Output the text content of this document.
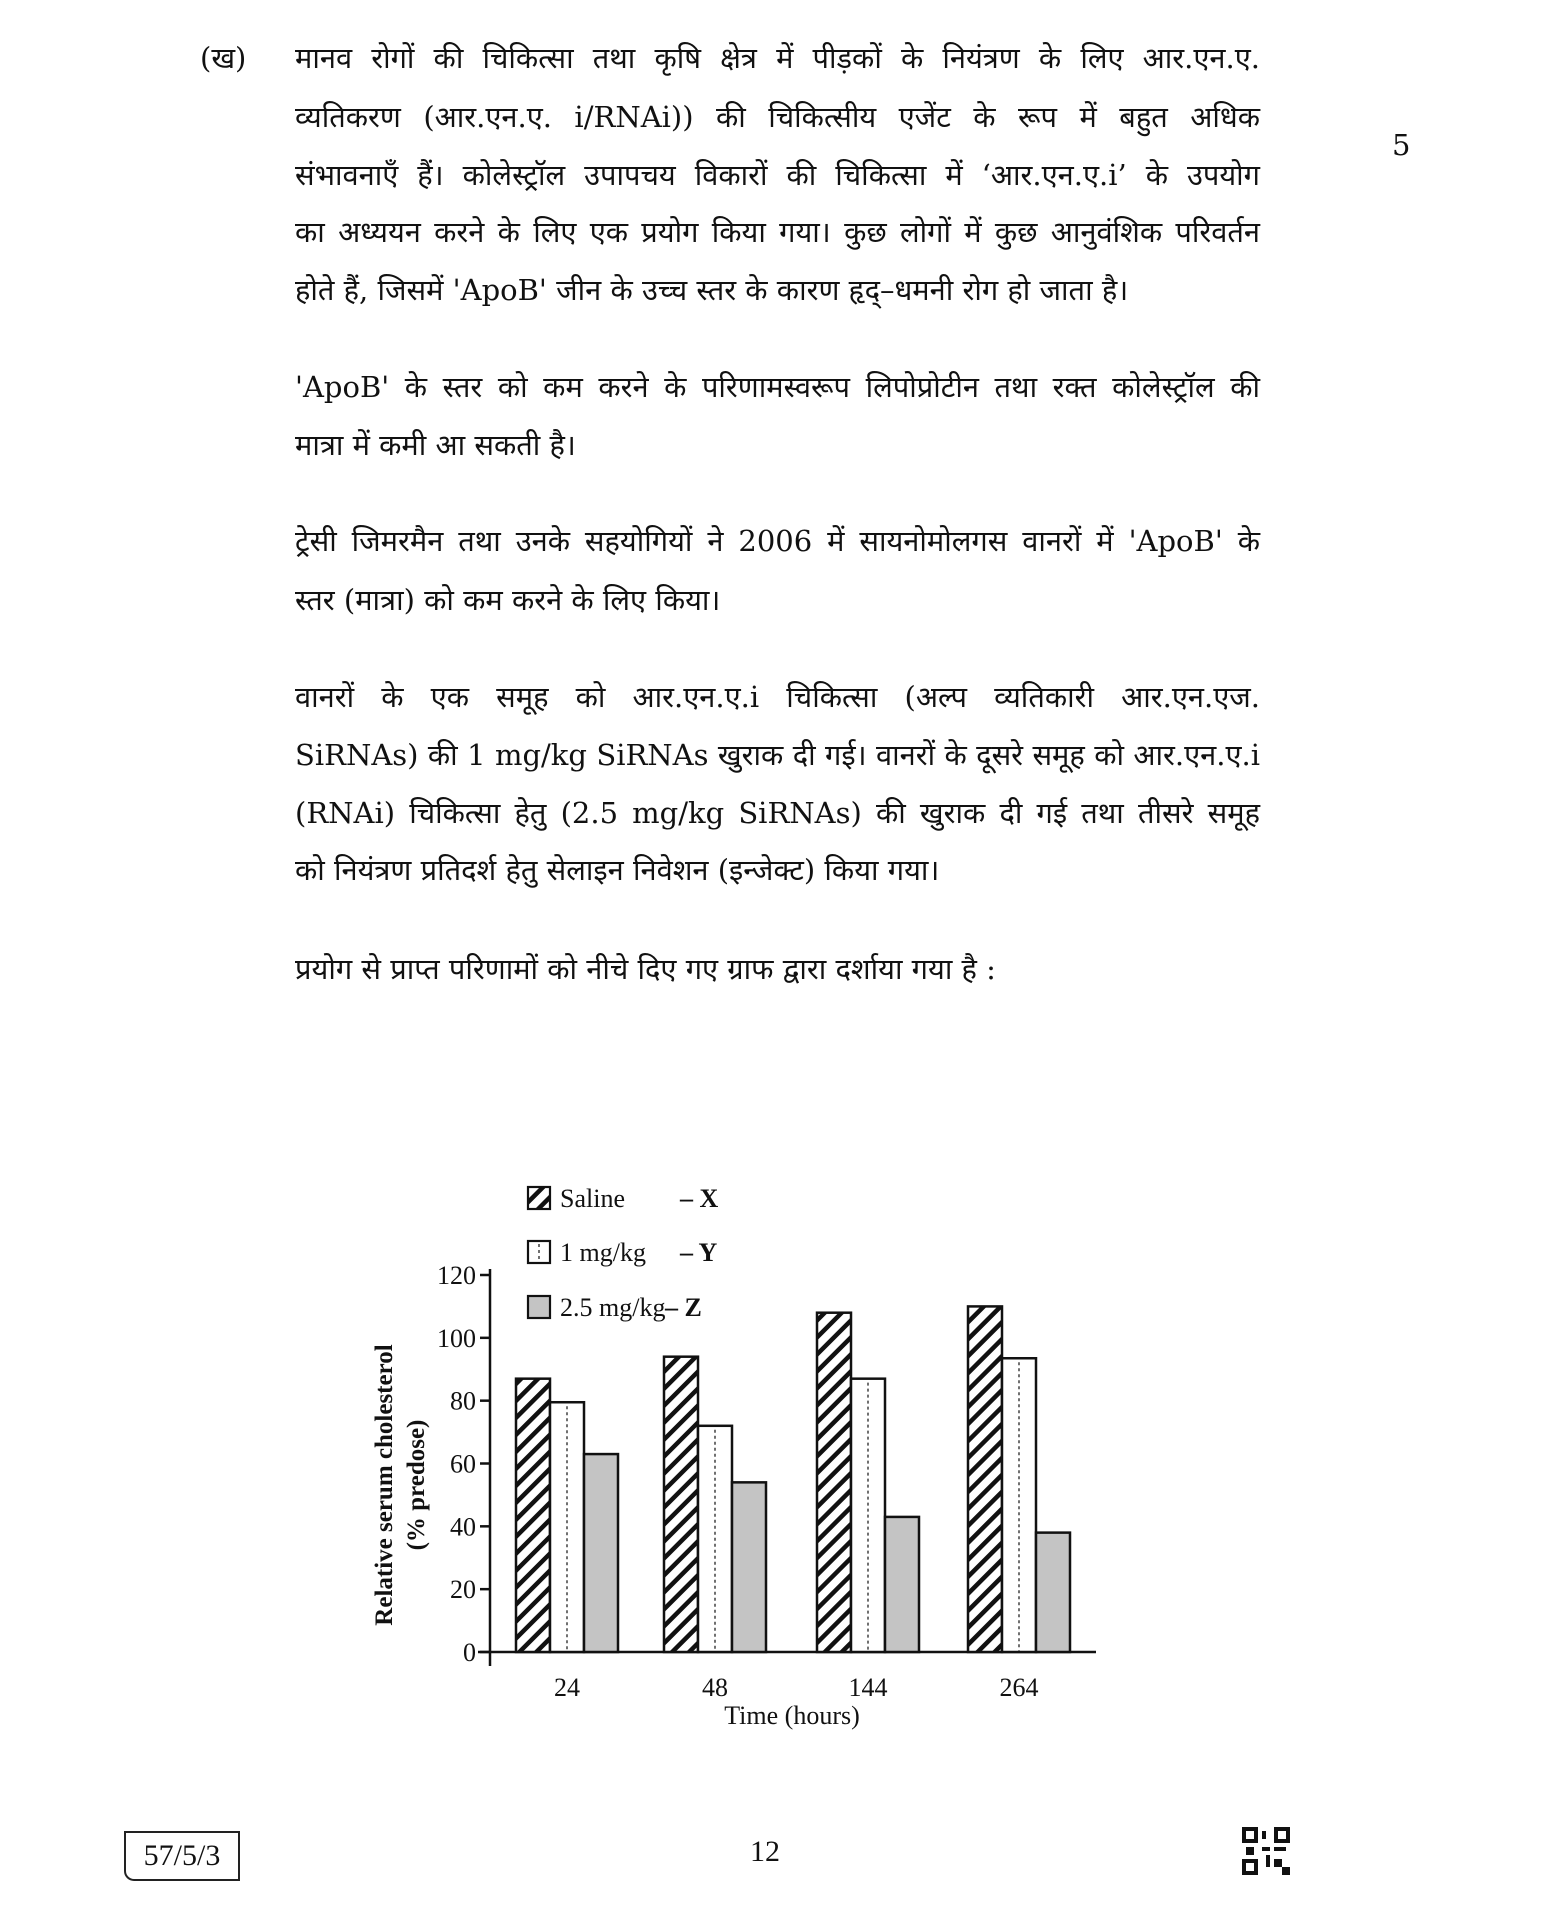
(ख)
5
मानव रोगों की चिकित्सा तथा कृषि क्षेत्र में पीड़कों के नियंत्रण के लिए आर.एन.ए.
व्यतिकरण (आर.एन.ए. i/RNAi)) की चिकित्सीय एजेंट के रूप में बहुत अधिक
संभावनाएँ हैं। कोलेस्ट्रॉल उपापचय विकारों की चिकित्सा में ‘आर.एन.ए.i’ के उपयोग
का अध्ययन करने के लिए एक प्रयोग किया गया। कुछ लोगों में कुछ आनुवंशिक परिवर्तन
होते हैं, जिसमें 'ApoB' जीन के उच्च स्तर के कारण हृद्–धमनी रोग हो जाता है।
'ApoB' के स्तर को कम करने के परिणामस्वरूप लिपोप्रोटीन तथा रक्त कोलेस्ट्रॉल की
मात्रा में कमी आ सकती है।
ट्रेसी जिमरमैन तथा उनके सहयोगियों ने 2006 में सायनोमोलगस वानरों में 'ApoB' के
स्तर (मात्रा) को कम करने के लिए किया।
वानरों के एक समूह को आर.एन.ए.i चिकित्सा (अल्प व्यतिकारी आर.एन.एज.
SiRNAs) की 1 mg/kg SiRNAs खुराक दी गई। वानरों के दूसरे समूह को आर.एन.ए.i
(RNAi) चिकित्सा हेतु (2.5 mg/kg SiRNAs) की खुराक दी गई तथा तीसरे समूह
को नियंत्रण प्रतिदर्श हेतु सेलाइन निवेशन (इन्जेक्ट) किया गया।
प्रयोग से प्राप्त परिणामों को नीचे दिए गए ग्राफ द्वारा दर्शाया गया है :
0
20
40
60
80
100
120
24	48	144	264
Saline – X
1 mg/kg – Y
2.5 mg/kg – Z
Relative serum cholesterol (% predose)
Time (hours)
57/5/3	12
